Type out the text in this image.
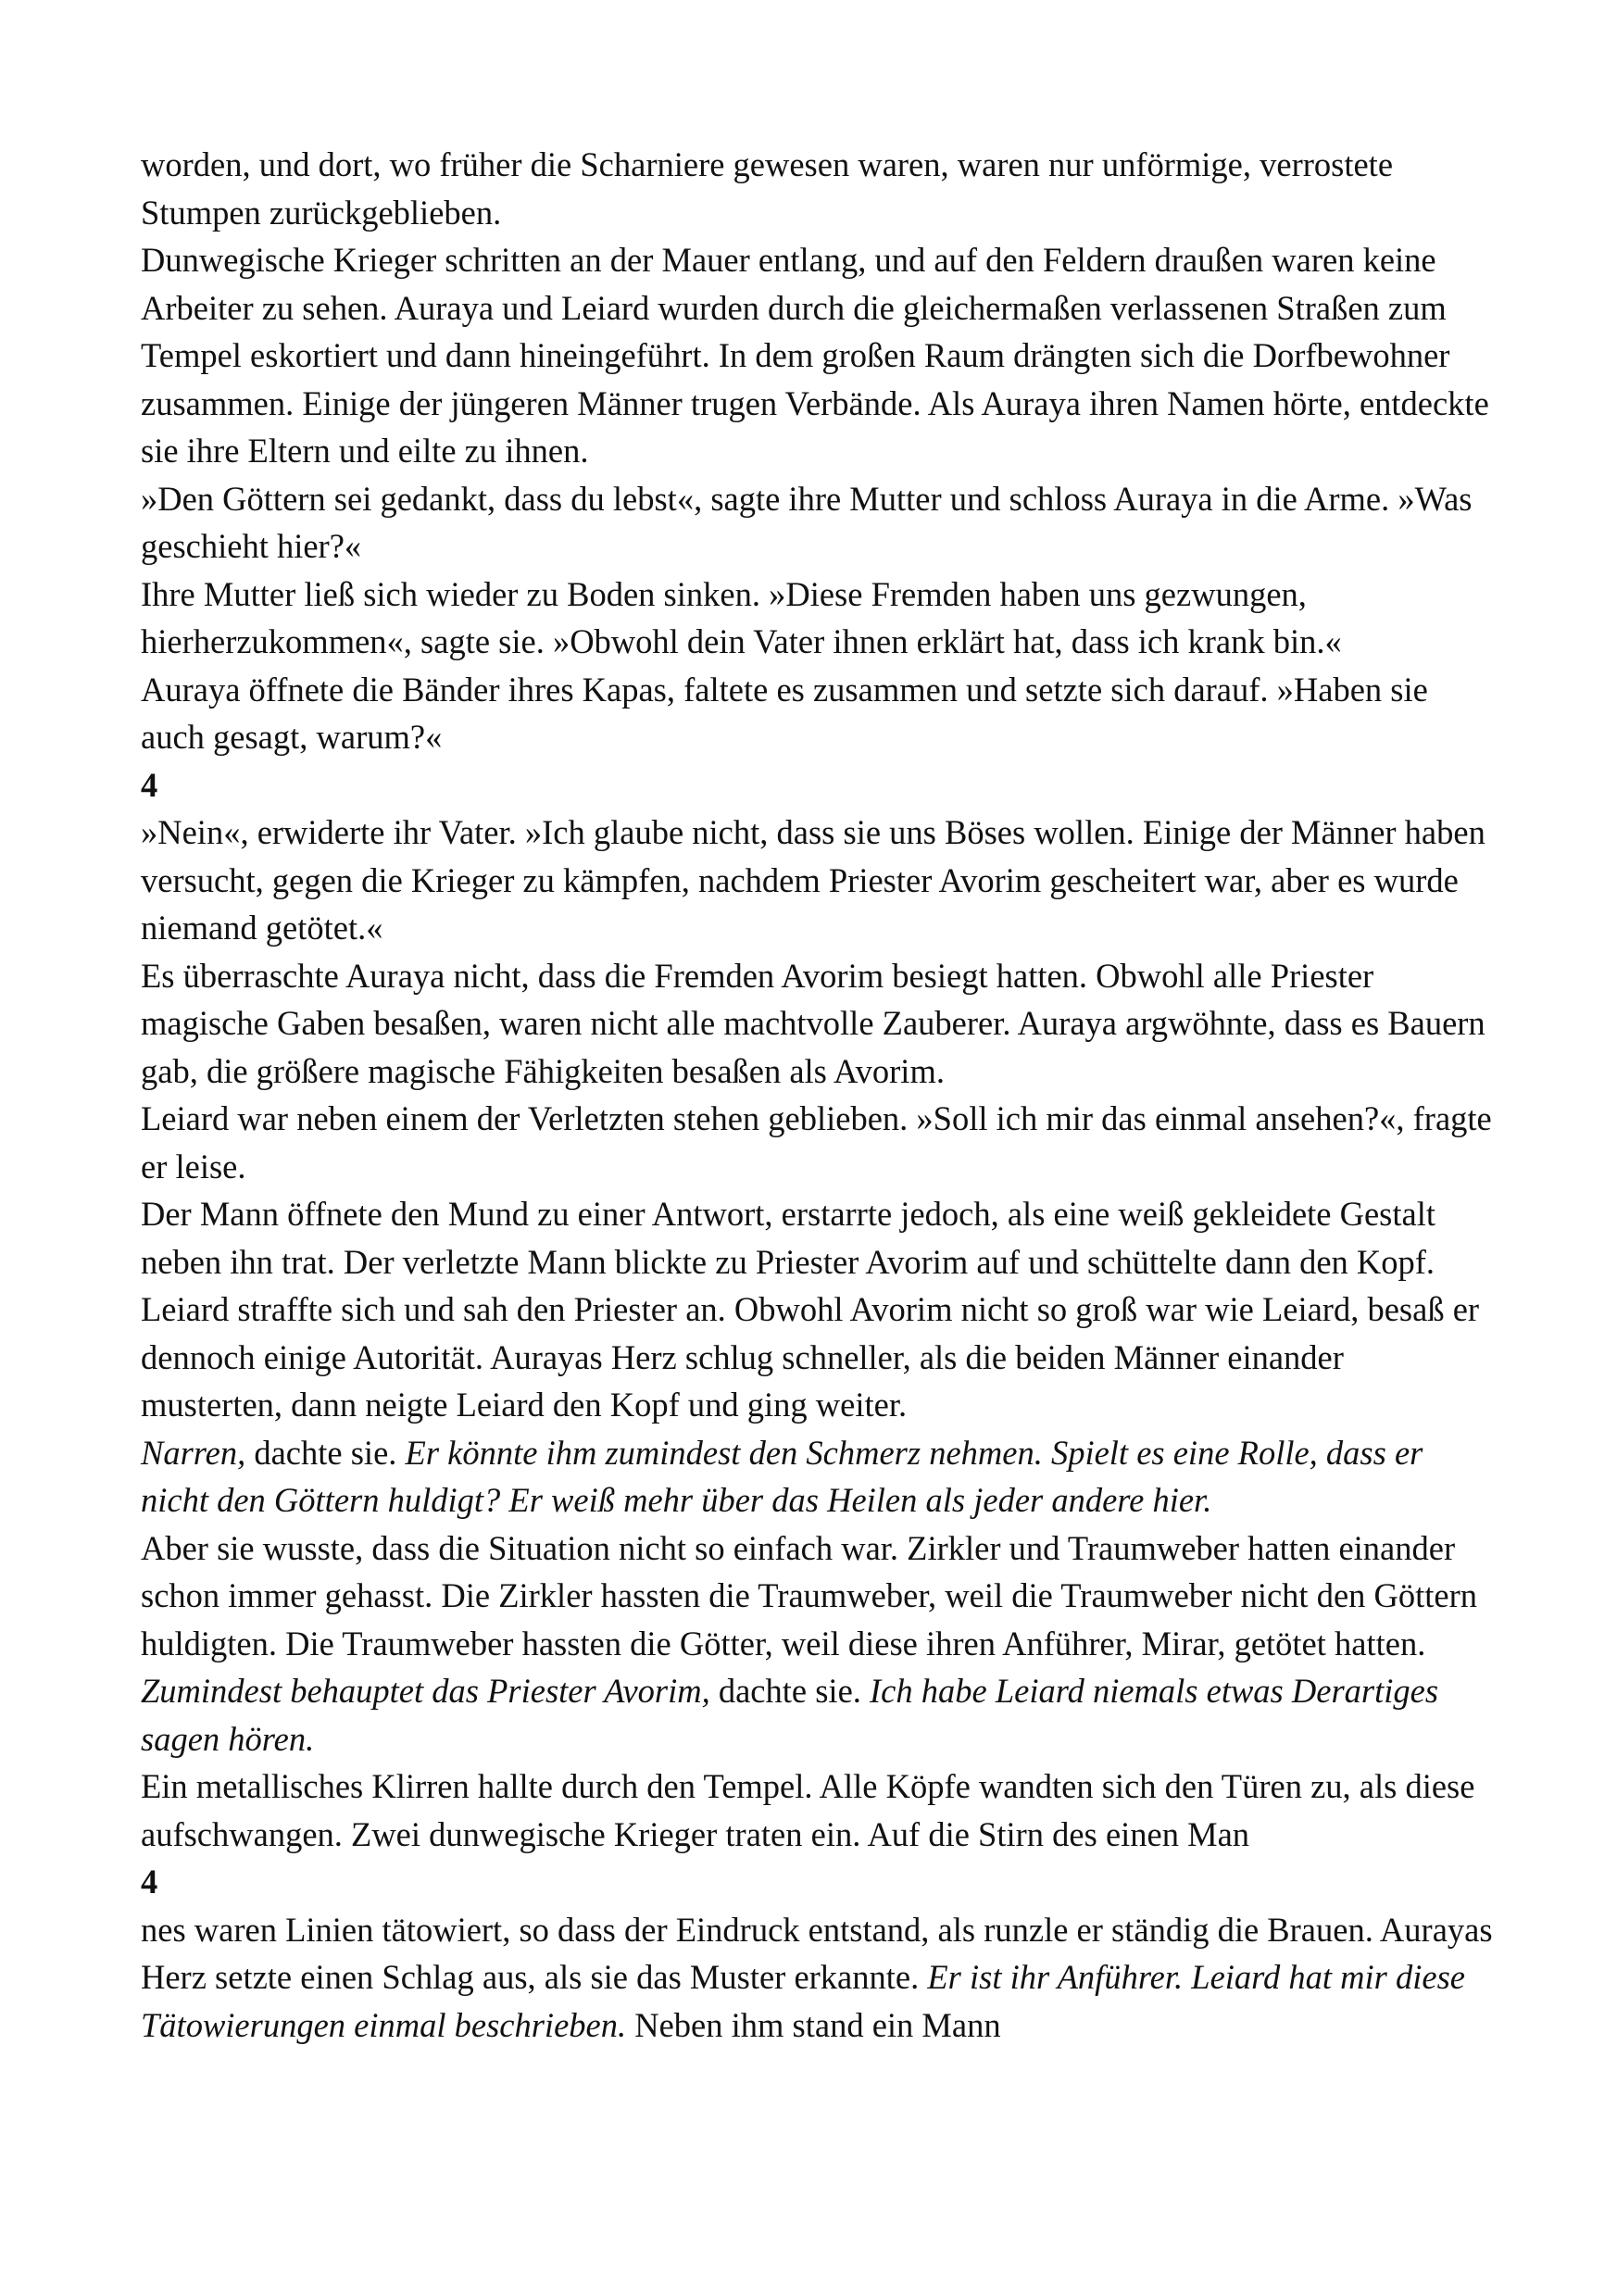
worden, und dort, wo früher die Scharniere gewesen waren, waren nur unförmige, verrostete Stumpen zurückgeblieben.

Dunwegische Krieger schritten an der Mauer entlang, und auf den Feldern draußen waren keine Arbeiter zu sehen. Auraya und Leiard wurden durch die gleichermaßen verlassenen Straßen zum Tempel eskortiert und dann hineingeführt. In dem großen Raum drängten sich die Dorfbewohner zusammen. Einige der jüngeren Männer trugen Verbände. Als Auraya ihren Namen hörte, entdeckte sie ihre Eltern und eilte zu ihnen.

»Den Göttern sei gedankt, dass du lebst«, sagte ihre Mutter und schloss Auraya in die Arme. »Was geschieht hier?«

Ihre Mutter ließ sich wieder zu Boden sinken. »Diese Fremden haben uns gezwungen, hierherzukommen«, sagte sie. »Obwohl dein Vater ihnen erklärt hat, dass ich krank bin.«

Auraya öffnete die Bänder ihres Kapas, faltete es zusammen und setzte sich darauf. »Haben sie auch gesagt, warum?«

4

»Nein«, erwiderte ihr Vater. »Ich glaube nicht, dass sie uns Böses wollen. Einige der Männer haben versucht, gegen die Krieger zu kämpfen, nachdem Priester Avorim gescheitert war, aber es wurde niemand getötet.«

Es überraschte Auraya nicht, dass die Fremden Avorim besiegt hatten. Obwohl alle Priester magische Gaben besaßen, waren nicht alle machtvolle Zauberer. Auraya argwöhnte, dass es Bauern gab, die größere magische Fähigkeiten besaßen als Avorim.

Leiard war neben einem der Verletzten stehen geblieben. »Soll ich mir das einmal ansehen?«, fragte er leise.

Der Mann öffnete den Mund zu einer Antwort, erstarrte jedoch, als eine weiß gekleidete Gestalt neben ihn trat. Der verletzte Mann blickte zu Priester Avorim auf und schüttelte dann den Kopf.

Leiard straffte sich und sah den Priester an. Obwohl Avorim nicht so groß war wie Leiard, besaß er dennoch einige Autorität. Aurayas Herz schlug schneller, als die beiden Männer einander musterten, dann neigte Leiard den Kopf und ging weiter.

Narren, dachte sie. Er könnte ihm zumindest den Schmerz nehmen. Spielt es eine Rolle, dass er nicht den Göttern huldigt? Er weiß mehr über das Heilen als jeder andere hier.

Aber sie wusste, dass die Situation nicht so einfach war. Zirkler und Traumweber hatten einander schon immer gehasst. Die Zirkler hassten die Traumweber, weil die Traumweber nicht den Göttern huldigten. Die Traumweber hassten die Götter, weil diese ihren Anführer, Mirar, getötet hatten. Zumindest behauptet das Priester Avorim, dachte sie. Ich habe Leiard niemals etwas Derartiges sagen hören.

Ein metallisches Klirren hallte durch den Tempel. Alle Köpfe wandten sich den Türen zu, als diese aufschwangen. Zwei dunwegische Krieger traten ein. Auf die Stirn des einen Man

4

nes waren Linien tätowiert, so dass der Eindruck entstand, als runzle er ständig die Brauen. Aurayas Herz setzte einen Schlag aus, als sie das Muster erkannte. Er ist ihr Anführer. Leiard hat mir diese Tätowierungen einmal beschrieben. Neben ihm stand ein Mann
